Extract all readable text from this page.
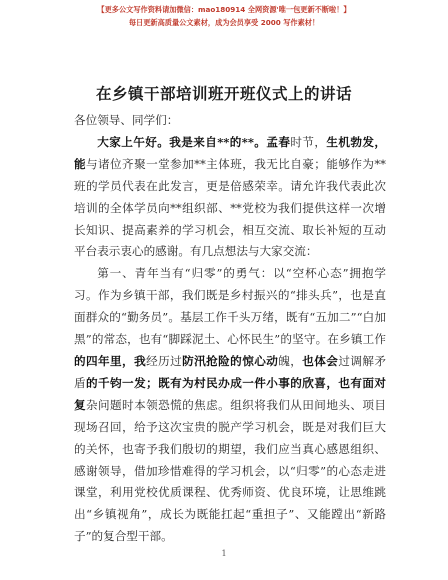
【更多公文写作资料请加微信：mao180914 全网资源'唯一包更新不断啦！】
每日更新高质量公文素材，成为会员享受 2000 写作素材！
在乡镇干部培训班开班仪式上的讲话

各位领导、同学们：

大家上午好。我是来自**的**。孟春时节，生机勃发，能与诸位齐聚一堂参加**主体班，我无比自豪；能够作为**班的学员代表在此发言，更是倍感荣幸。请允许我代表此次培训的全体学员向**组织部、**党校为我们提供这样一次增长知识、提高素养的学习机会，相互交流、取长补短的互动平台表示衷心的感谢。有几点想法与大家交流：

第一、青年当有“归零”的勇气：以“空杯心态”拥抱学习。作为乡镇干部，我们既是乡村振兴的“排头兵”，也是直面群众的“勤务员”。基层工作千头万绪，既有“五加二”“白加黑”的常态，也有“脚踩泥土、心怀民生”的坚守。在乡镇工作的四年里，我经历过防汛抢险的惊心动魄，也体会过调解矛盾的千钧一发；既有为村民办成一件小事的欣喜，也有面对复杂问题时本领恐慌的焦虑。组织将我们从田间地头、项目现场召回，给予这次宝贵的脱产学习机会，既是对我们巨大的关怀，也寄予我们殷切的期望，我们应当真心感恩组织、感谢领导，借加珍惜难得的学习机会，以“归零”的心态走进课堂，利用党校优质课程、优秀师资、优良环境，让思维跳出“乡镇视角”，成长为既能扛起“重担子”、又能蹚出“新路子”的复合型干部。

1
